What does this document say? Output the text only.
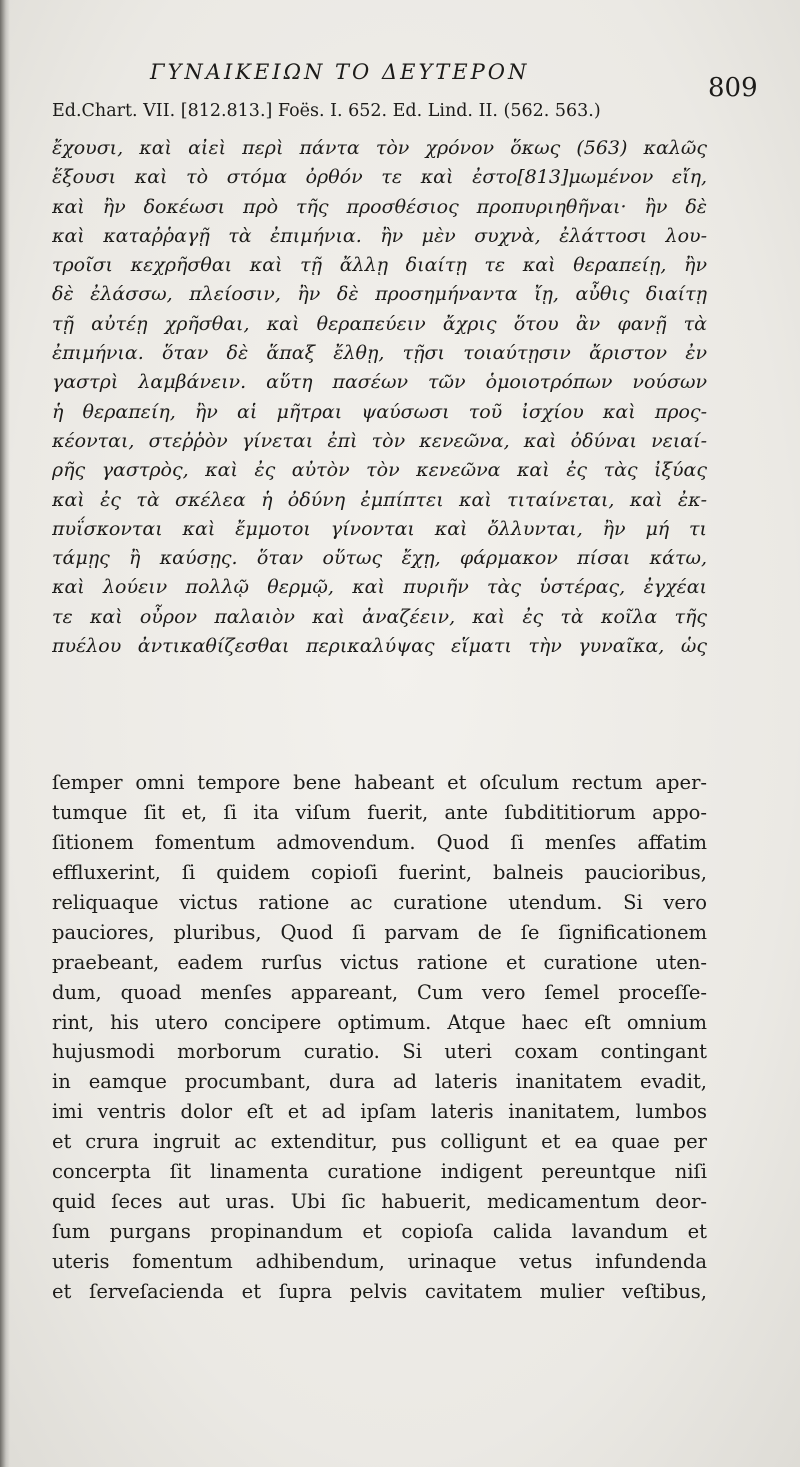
ΓΥΝΑΙΚΕΙΩΝ ΤΟ ΔΕΥΤΕΡΟΝ
809
Ed.Chart. VII. [812.813.] Foës. I. 652. Ed. Lind. II. (562. 563.)
ἔχουσι, καὶ αἰεὶ περὶ πάντα τὸν χρόνον ὅκως (563) καλῶς
ἕξουσι καὶ τὸ στόμα ὀρθόν τε καὶ ἐστο[813]μωμένον εἴη,
καὶ ἢν δοκέωσι πρὸ τῆς προσθέσιος προπυριηθῆναι· ἢν δὲ
καὶ καταῤῥαγῇ τὰ ἐπιμήνια. ἢν μὲν συχνὰ, ἐλάττοσι λου-
τροῖσι κεχρῆσθαι καὶ τῇ ἄλλῃ διαίτῃ τε καὶ θεραπείῃ, ἢν
δὲ ἐλάσσω, πλείοσιν, ἢν δὲ προσημήναντα ἴῃ, αὖθις διαίτῃ
τῇ αὐτέῃ χρῆσθαι, καὶ θεραπεύειν ἄχρις ὅτου ἂν φανῇ τὰ
ἐπιμήνια. ὅταν δὲ ἅπαξ ἔλθῃ, τῇσι τοιαύτῃσιν ἄριστον ἐν
γαστρὶ λαμβάνειν. αὕτη πασέων τῶν ὁμοιοτρόπων νούσων
ἡ θεραπείη, ἢν αἱ μῆτραι ψαύσωσι τοῦ ἰσχίου καὶ προς-
κέονται, στεῤῥὸν γίνεται ἐπὶ τὸν κενεῶνα, καὶ ὀδύναι νειαί-
ρῆς γαστρὸς, καὶ ἐς αὐτὸν τὸν κενεῶνα καὶ ἐς τὰς ἰξύας
καὶ ἐς τὰ σκέλεα ἡ ὀδύνη ἐμπίπτει καὶ τιταίνεται, καὶ ἐκ-
πυΐσκονται καὶ ἔμμοτοι γίνονται καὶ ὄλλυνται, ἢν μή τι
τάμῃς ἢ καύσῃς. ὅταν οὕτως ἔχῃ, φάρμακον πίσαι κάτω,
καὶ λούειν πολλῷ θερμῷ, καὶ πυριῆν τὰς ὑστέρας, ἐγχέαι
τε καὶ οὖρον παλαιὸν καὶ ἀναζέειν, καὶ ἐς τὰ κοῖλα τῆς
πυέλου ἀντικαθίζεσθαι περικαλύψας εἵματι τὴν γυναῖκα, ὡς
ſemper omni tempore bene habeant et oſculum rectum aper-
tumque ſit et, ſi ita viſum fuerit, ante ſubdititiorum appo-
ſitionem fomentum admovendum. Quod ſi menſes affatim
effluxerint, ſi quidem copioſi fuerint, balneis paucioribus,
reliquaque victus ratione ac curatione utendum. Si vero
pauciores, pluribus, Quod ſi parvam de ſe ſignificationem
praebeant, eadem rurſus victus ratione et curatione uten-
dum, quoad menſes appareant, Cum vero ſemel proceſſe-
rint, his utero concipere optimum. Atque haec eſt omnium
hujusmodi morborum curatio. Si uteri coxam contingant
in eamque procumbant, dura ad lateris inanitatem evadit,
imi ventris dolor eſt et ad ipſam lateris inanitatem, lumbos
et crura ingruit ac extenditur, pus colligunt et ea quae per
concerpta ſit linamenta curatione indigent pereuntque niſi
quid ſeces aut uras. Ubi ſic habuerit, medicamentum deor-
ſum purgans propinandum et copioſa calida lavandum et
uteris fomentum adhibendum, urinaque vetus infundenda
et ſerveſacienda et ſupra pelvis cavitatem mulier veſtibus,
